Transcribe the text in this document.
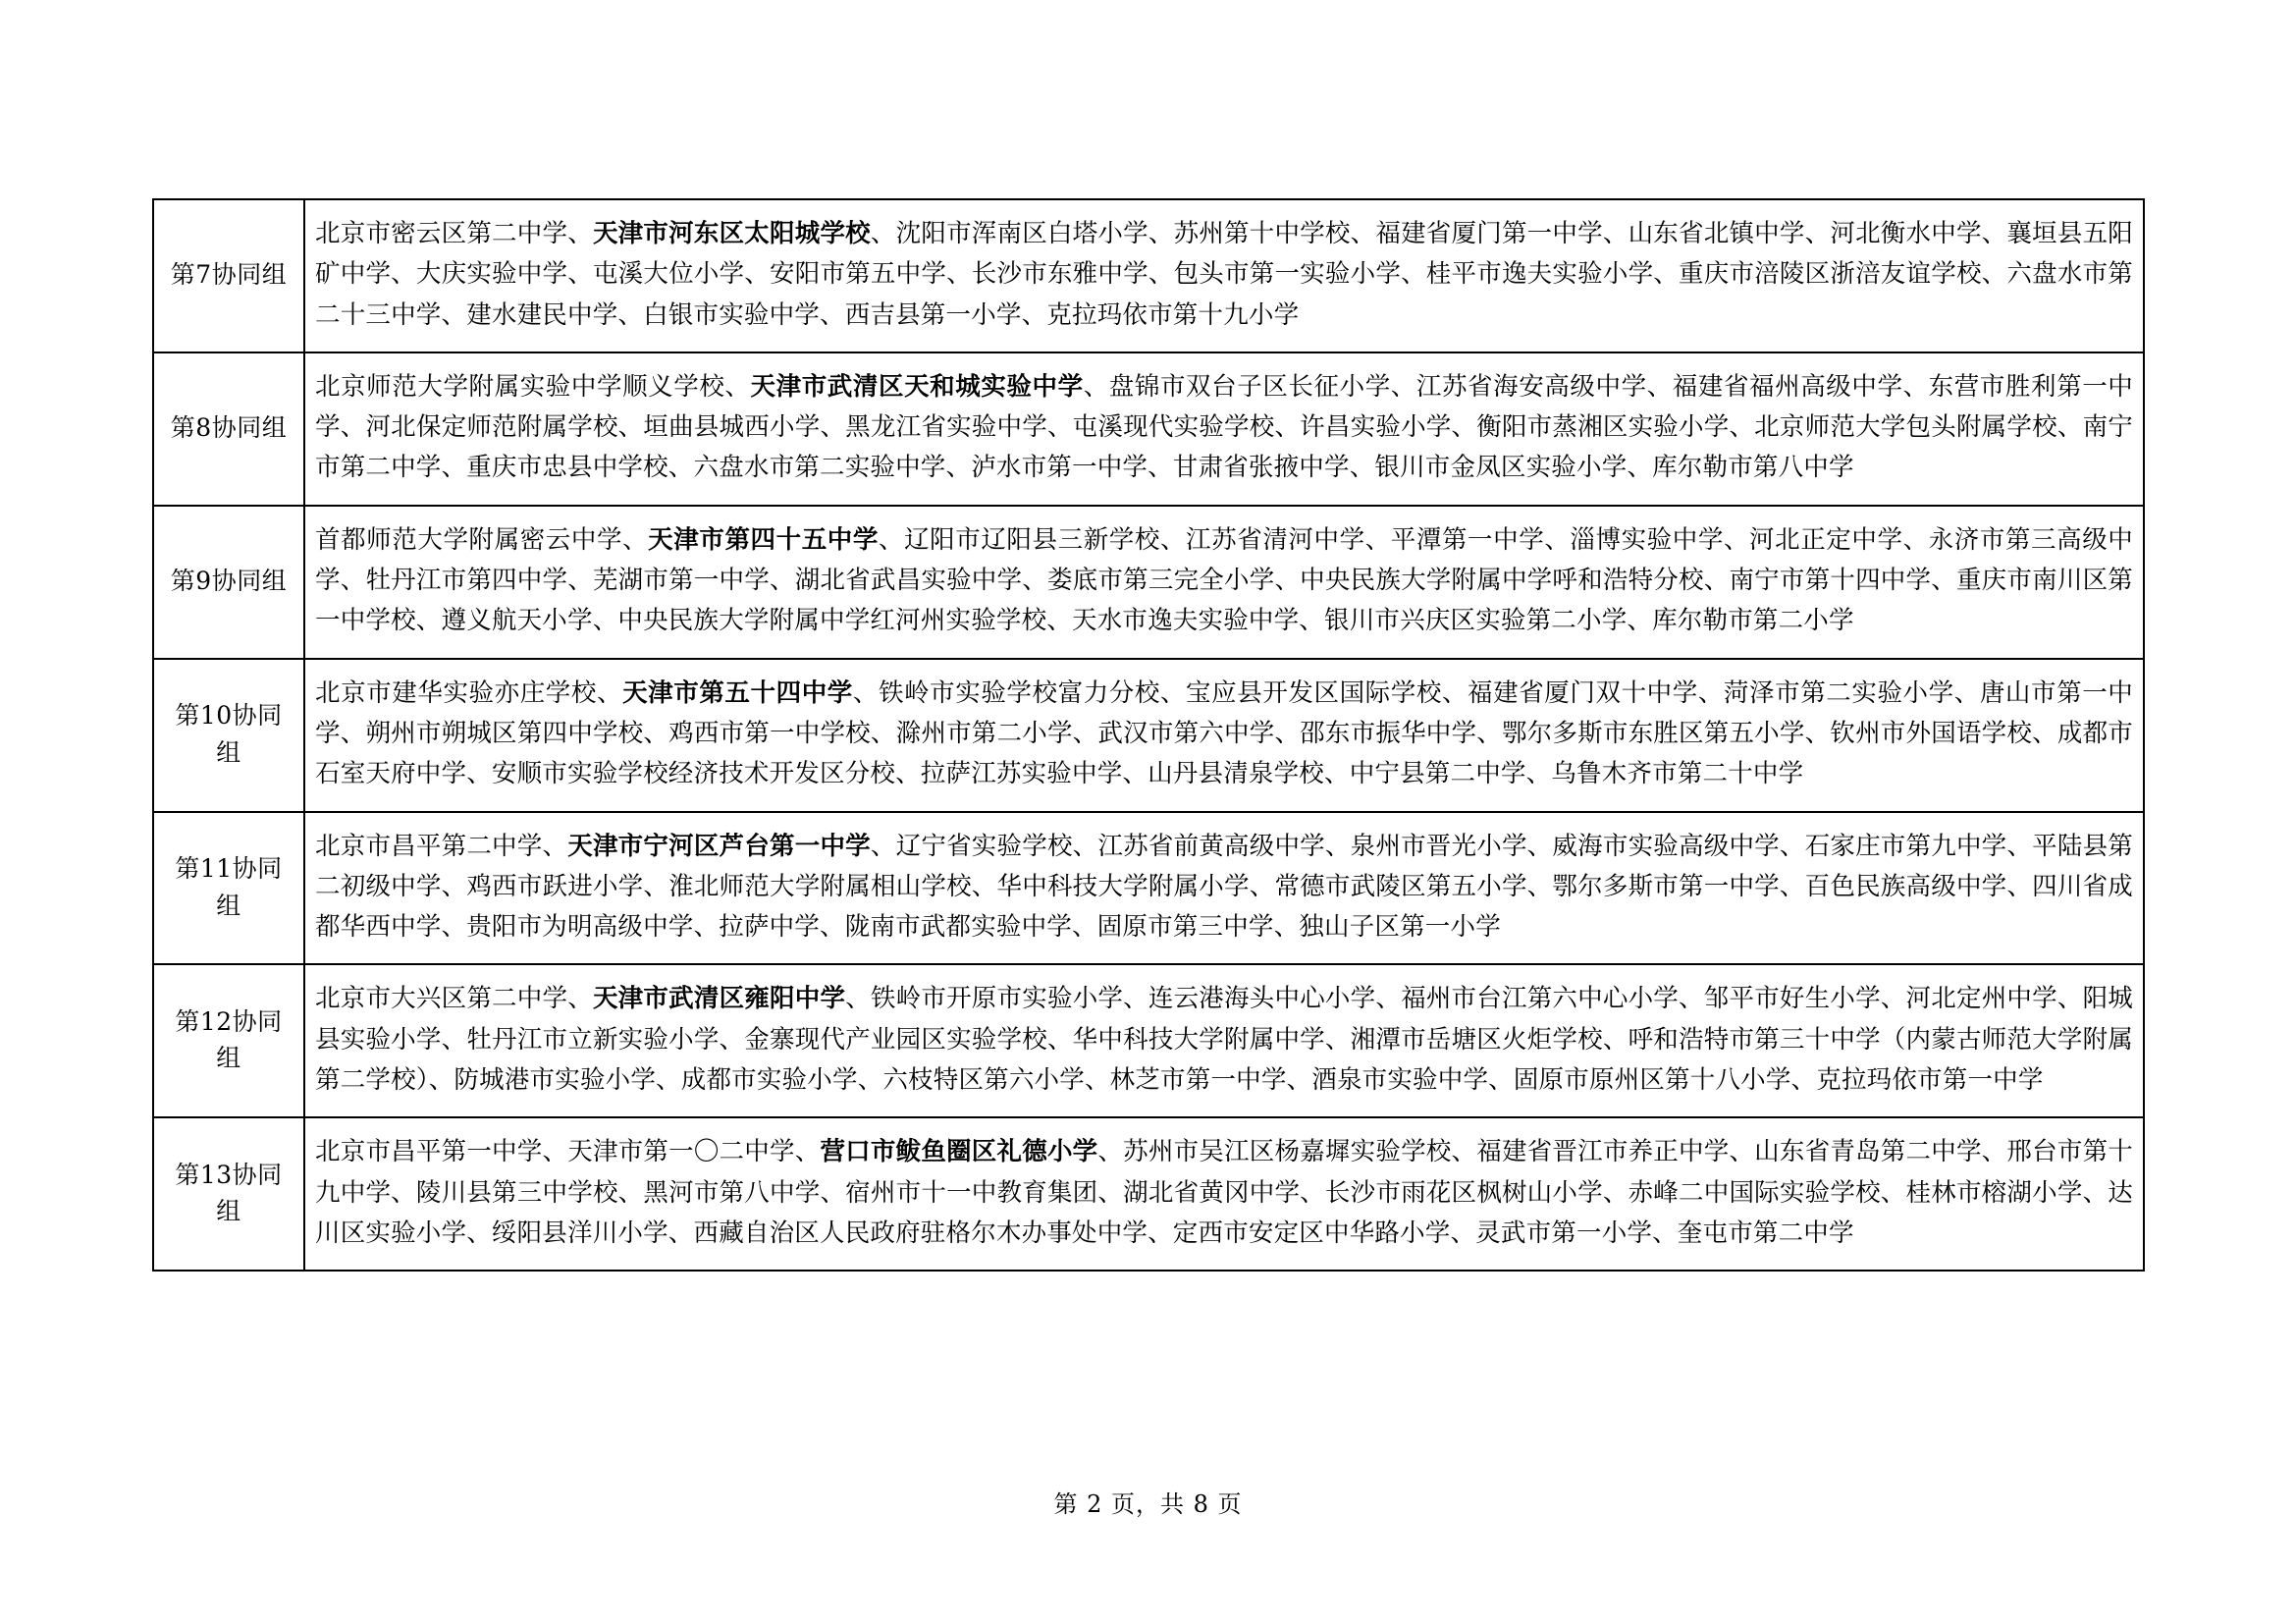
第7协同组	北京市密云区第二中学、天津市河东区太阳城学校、沈阳市浑南区白塔小学、苏州第十中学校、福建省厦门第一中学、山东省北镇中学、河北衡水中学、襄垣县五阳矿中学、大庆实验中学、屯溪大位小学、安阳市第五中学、长沙市东雅中学、包头市第一实验小学、桂平市逸夫实验小学、重庆市涪陵区浙涪友谊学校、六盘水市第二十三中学、建水建民中学、白银市实验中学、西吉县第一小学、克拉玛依市第十九小学
第8协同组	北京师范大学附属实验中学顺义学校、天津市武清区天和城实验中学、盘锦市双台子区长征小学、江苏省海安高级中学、福建省福州高级中学、东营市胜利第一中学、河北保定师范附属学校、垣曲县城西小学、黑龙江省实验中学、屯溪现代实验学校、许昌实验小学、衡阳市蒸湘区实验小学、北京师范大学包头附属学校、南宁市第二中学、重庆市忠县中学校、六盘水市第二实验中学、泸水市第一中学、甘肃省张掖中学、银川市金凤区实验小学、库尔勒市第八中学
第9协同组	首都师范大学附属密云中学、天津市第四十五中学、辽阳市辽阳县三新学校、江苏省清河中学、平潭第一中学、淄博实验中学、河北正定中学、永济市第三高级中学、牡丹江市第四中学、芜湖市第一中学、湖北省武昌实验中学、娄底市第三完全小学、中央民族大学附属中学呼和浩特分校、南宁市第十四中学、重庆市南川区第一中学校、遵义航天小学、中央民族大学附属中学红河州实验学校、天水市逸夫实验中学、银川市兴庆区实验第二小学、库尔勒市第二小学
第10协同组	北京市建华实验亦庄学校、天津市第五十四中学、铁岭市实验学校富力分校、宝应县开发区国际学校、福建省厦门双十中学、菏泽市第二实验小学、唐山市第一中学、朔州市朔城区第四中学校、鸡西市第一中学校、滁州市第二小学、武汉市第六中学、邵东市振华中学、鄂尔多斯市东胜区第五小学、钦州市外国语学校、成都市石室天府中学、安顺市实验学校经济技术开发区分校、拉萨江苏实验中学、山丹县清泉学校、中宁县第二中学、乌鲁木齐市第二十中学
第11协同组	北京市昌平第二中学、天津市宁河区芦台第一中学、辽宁省实验学校、江苏省前黄高级中学、泉州市晋光小学、威海市实验高级中学、石家庄市第九中学、平陆县第二初级中学、鸡西市跃进小学、淮北师范大学附属相山学校、华中科技大学附属小学、常德市武陵区第五小学、鄂尔多斯市第一中学、百色民族高级中学、四川省成都华西中学、贵阳市为明高级中学、拉萨中学、陇南市武都实验中学、固原市第三中学、独山子区第一小学
第12协同组	北京市大兴区第二中学、天津市武清区雍阳中学、铁岭市开原市实验小学、连云港海头中心小学、福州市台江第六中心小学、邹平市好生小学、河北定州中学、阳城县实验小学、牡丹江市立新实验小学、金寨现代产业园区实验学校、华中科技大学附属中学、湘潭市岳塘区火炬学校、呼和浩特市第三十中学（内蒙古师范大学附属第二学校）、防城港市实验小学、成都市实验小学、六枝特区第六小学、林芝市第一中学、酒泉市实验中学、固原市原州区第十八小学、克拉玛依市第一中学
第13协同组	北京市昌平第一中学、天津市第一〇二中学、营口市鲅鱼圈区礼德小学、苏州市吴江区杨嘉墀实验学校、福建省晋江市养正中学、山东省青岛第二中学、邢台市第十九中学、陵川县第三中学校、黑河市第八中学、宿州市十一中教育集团、湖北省黄冈中学、长沙市雨花区枫树山小学、赤峰二中国际实验学校、桂林市榕湖小学、达川区实验小学、绥阳县洋川小学、西藏自治区人民政府驻格尔木办事处中学、定西市安定区中华路小学、灵武市第一小学、奎屯市第二中学
第 2 页，共 8 页
